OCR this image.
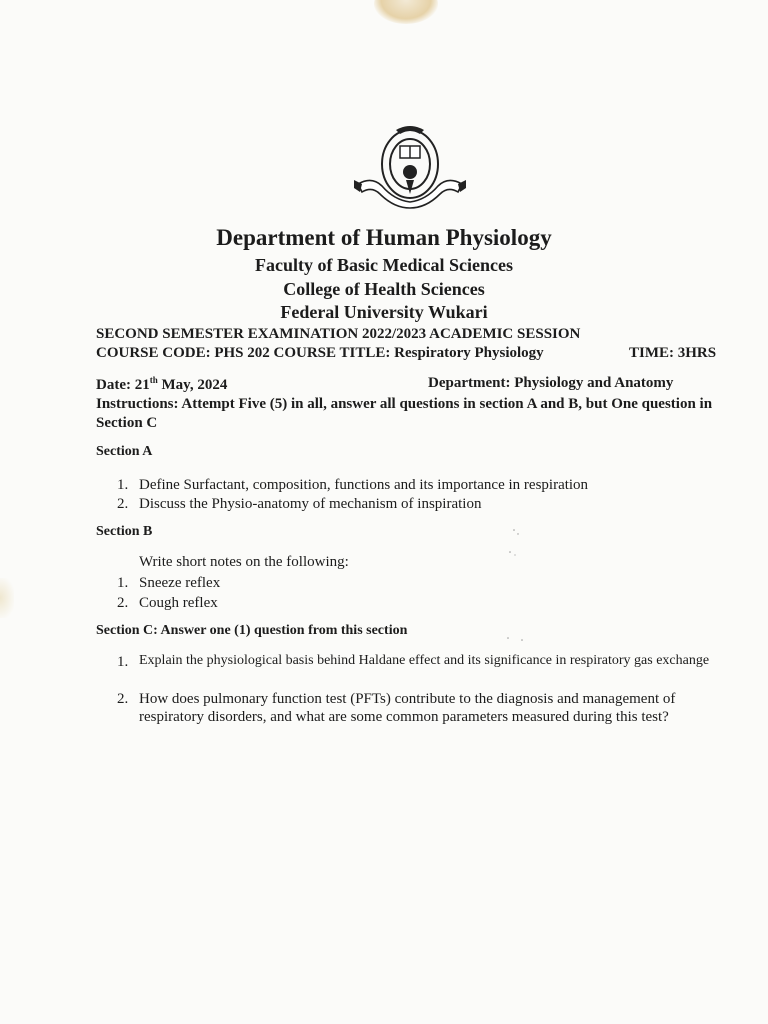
Department of Human Physiology
Faculty of Basic Medical Sciences
College of Health Sciences
Federal University Wukari
SECOND SEMESTER EXAMINATION 2022/2023 ACADEMIC SESSION
COURSE CODE: PHS 202 COURSE TITLE: Respiratory Physiology	TIME: 3HRS
Date: 21th May, 2024	Department: Physiology and Anatomy
Instructions: Attempt Five (5) in all, answer all questions in section A and B, but One question in Section C
Section A
1. Define Surfactant, composition, functions and its importance in respiration
2. Discuss the Physio-anatomy of mechanism of inspiration
Section B
Write short notes on the following:
1. Sneeze reflex
2. Cough reflex
Section C: Answer one (1) question from this section
1. Explain the physiological basis behind Haldane effect and its significance in respiratory gas exchange
2. How does pulmonary function test (PFTs) contribute to the diagnosis and management of respiratory disorders, and what are some common parameters measured during this test?
